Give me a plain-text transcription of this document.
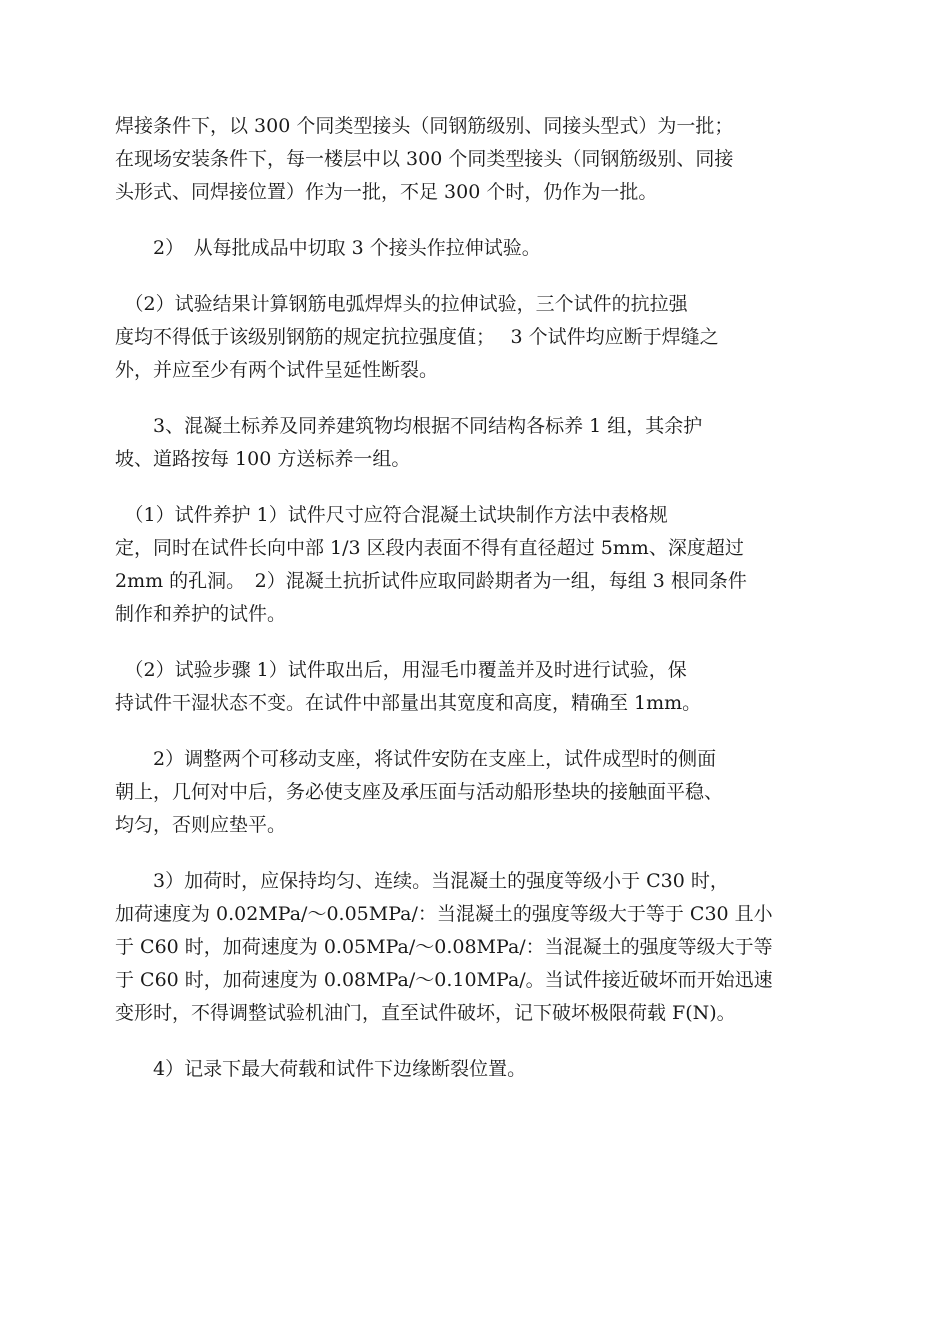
焊接条件下，以 300 个同类型接头（同钢筋级别、同接头型式）为一批；
在现场安装条件下，每一楼层中以 300 个同类型接头（同钢筋级别、同接
头形式、同焊接位置）作为一批，不足 300 个时，仍作为一批。

　　2）　从每批成品中切取 3 个接头作拉伸试验。

　（2）试验结果计算钢筋电弧焊焊头的拉伸试验，三个试件的抗拉强
度均不得低于该级别钢筋的规定抗拉强度值；　 3 个试件均应断于焊缝之
外，并应至少有两个试件呈延性断裂。

　　3、混凝土标养及同养建筑物均根据不同结构各标养 1 组，其余护
坡、道路按每 100 方送标养一组。

　（1）试件养护 1）试件尺寸应符合混凝土试块制作方法中表格规
定，同时在试件长向中部 1/3 区段内表面不得有直径超过 5mm、深度超过
2mm 的孔洞。　2）混凝土抗折试件应取同龄期者为一组，每组 3 根同条件
制作和养护的试件。

　（2）试验步骤 1）试件取出后，用湿毛巾覆盖并及时进行试验，保
持试件干湿状态不变。在试件中部量出其宽度和高度，精确至 1mm。

　　2）调整两个可移动支座，将试件安防在支座上，试件成型时的侧面
朝上，几何对中后，务必使支座及承压面与活动船形垫块的接触面平稳、
均匀，否则应垫平。

　　3）加荷时，应保持均匀、连续。当混凝土的强度等级小于 C30 时，
加荷速度为 0.02MPa/～0.05MPa/：当混凝土的强度等级大于等于 C30 且小
于 C60 时，加荷速度为 0.05MPa/～0.08MPa/：当混凝土的强度等级大于等
于 C60 时，加荷速度为 0.08MPa/～0.10MPa/。当试件接近破坏而开始迅速
变形时，不得调整试验机油门，直至试件破坏，记下破坏极限荷载 F(N)。

　　4）记录下最大荷载和试件下边缘断裂位置。
